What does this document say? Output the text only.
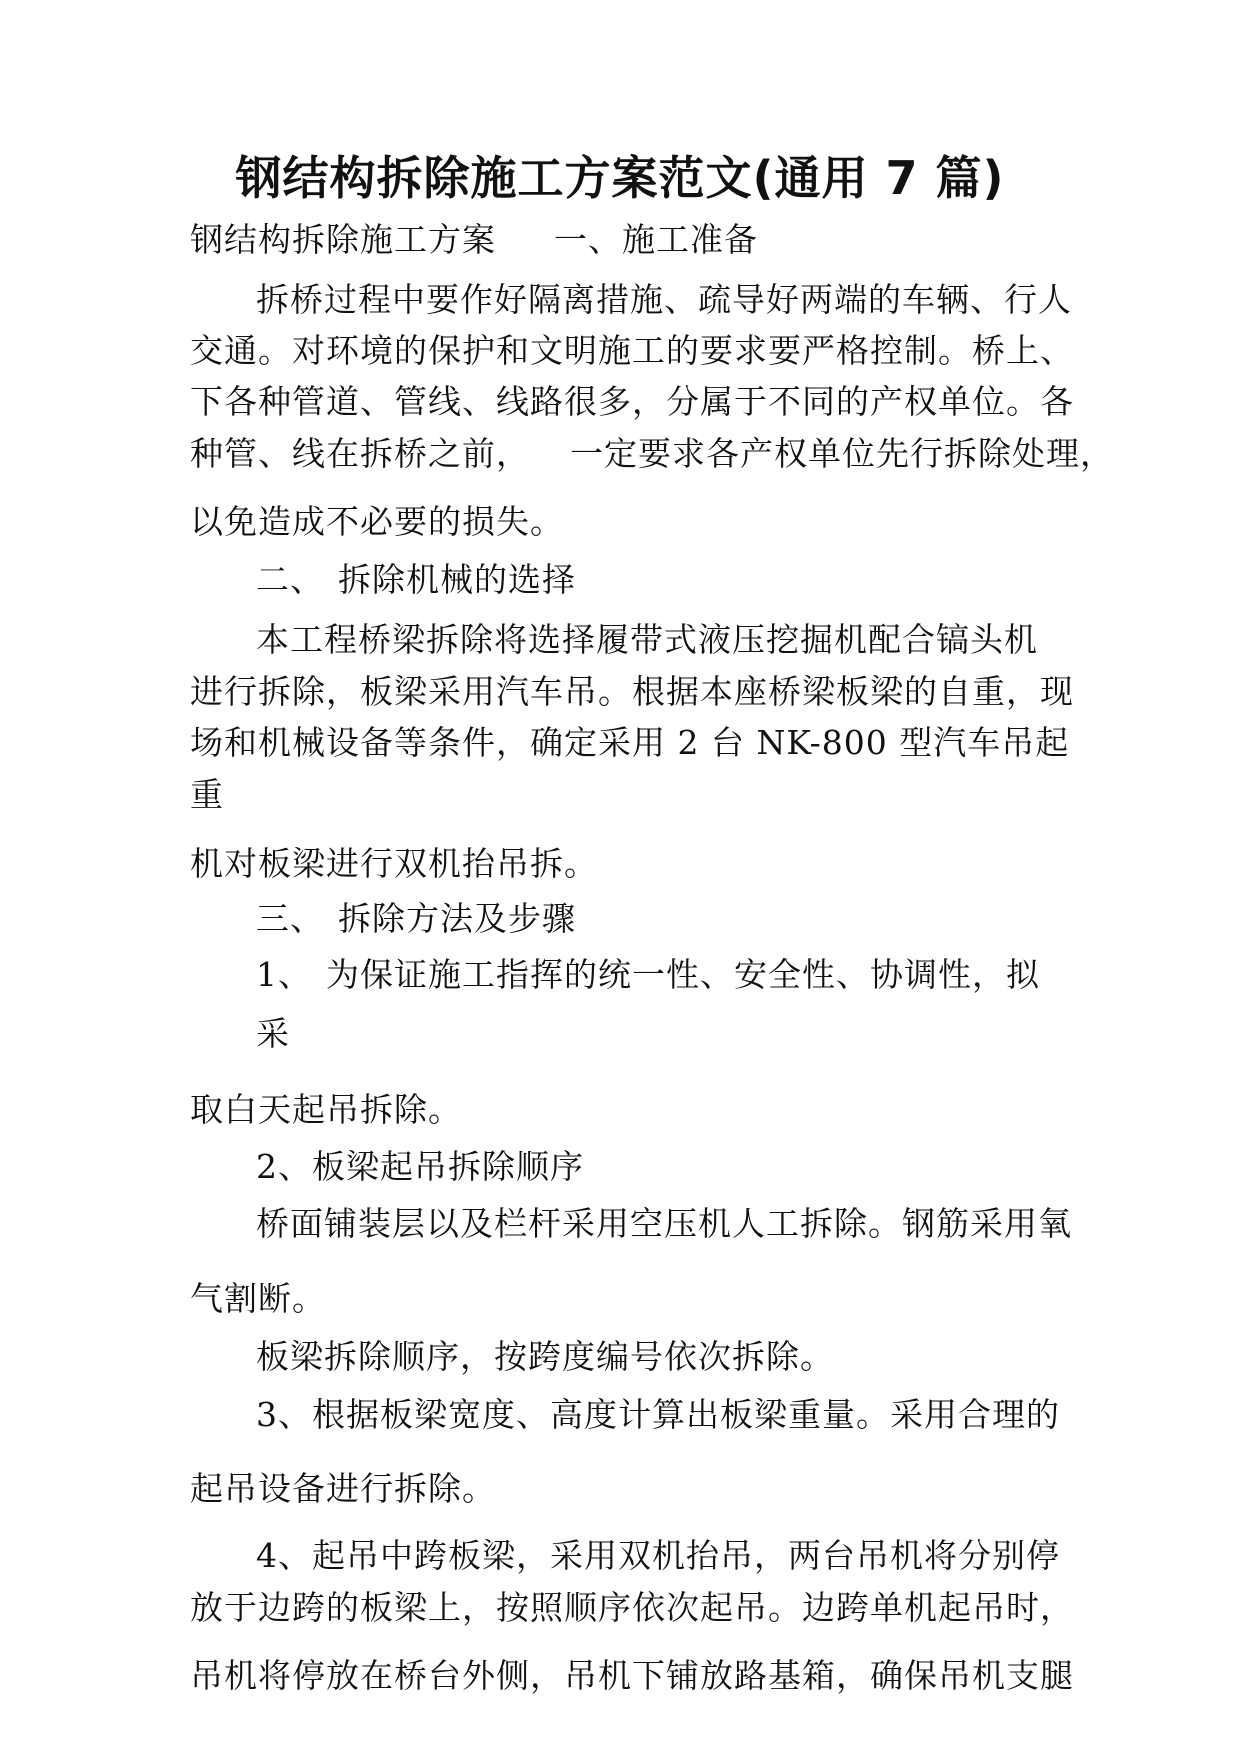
钢结构拆除施工方案范文(通用 7 篇)
钢结构拆除施工方案 一、施工准备
拆桥过程中要作好隔离措施、疏导好两端的车辆、行人
交通。对环境的保护和文明施工的要求要严格控制。桥上、
下各种管道、管线、线路很多，分属于不同的产权单位。各
种管、线在拆桥之前， 一定要求各产权单位先行拆除处理，
以免造成不必要的损失。
二、 拆除机械的选择
本工程桥梁拆除将选择履带式液压挖掘机配合镐头机
进行拆除，板梁采用汽车吊。根据本座桥梁板梁的自重，现
场和机械设备等条件，确定采用 2 台 NK-800 型汽车吊起
重
机对板梁进行双机抬吊拆。
三、 拆除方法及步骤
1、 为保证施工指挥的统一性、安全性、协调性，拟
采
取白天起吊拆除。
2、板梁起吊拆除顺序
桥面铺装层以及栏杆采用空压机人工拆除。钢筋采用氧
气割断。
板梁拆除顺序，按跨度编号依次拆除。
3、根据板梁宽度、高度计算出板梁重量。采用合理的
起吊设备进行拆除。
4、起吊中跨板梁，采用双机抬吊，两台吊机将分别停
放于边跨的板梁上，按照顺序依次起吊。边跨单机起吊时，
吊机将停放在桥台外侧，吊机下铺放路基箱，确保吊机支腿
